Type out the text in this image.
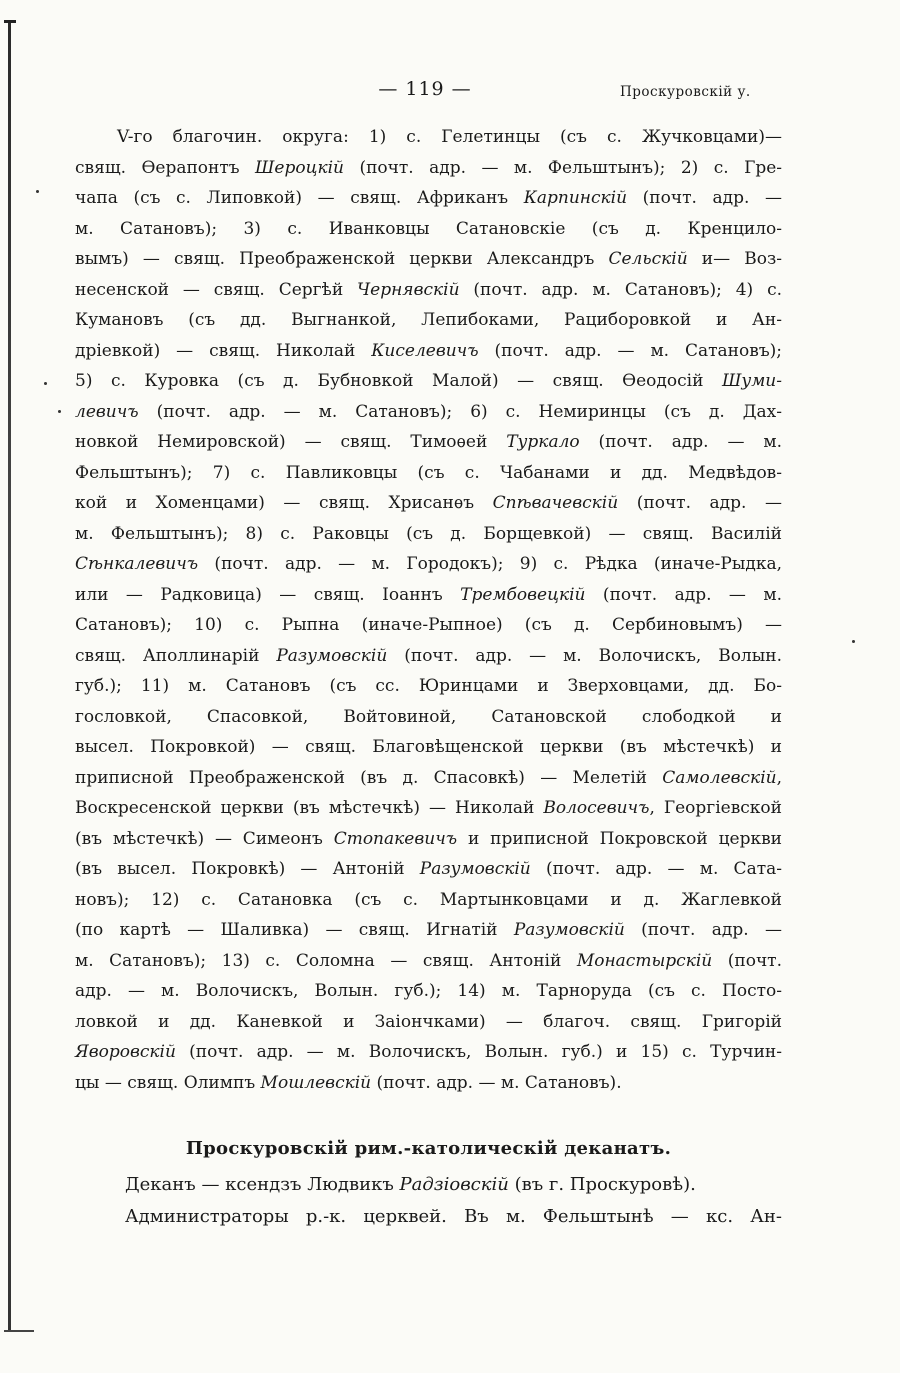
— 119 —	Проскуровскій у.
V-го благочин. округа: 1) с. Гелетинцы (съ с. Жучковцами)—
свящ. Ѳерапонтъ Шероцкій (почт. адр. — м. Фельштынъ); 2) с. Гре-
чапа (съ с. Липовкой) — свящ. Африканъ Карпинскій (почт. адр. —
м. Сатановъ); 3) с. Иванковцы Сатановскіе (съ д. Кренцило-
вымъ) — свящ. Преображенской церкви Александръ Сельскій и— Воз-
несенской — свящ. Сергѣй Чернявскій (почт. адр. м. Сатановъ); 4) с.
Кумановъ (съ дд. Выгнанкой, Лепибоками, Рациборовкой и Ан-
дріевкой) — свящ. Николай Киселевичъ (почт. адр. — м. Сатановъ);
5) с. Куровка (съ д. Бубновкой Малой) — свящ. Ѳеодосій Шуми-
левичъ (почт. адр. — м. Сатановъ); 6) с. Немиринцы (съ д. Дах-
новкой Немировской) — свящ. Тимоѳей Туркало (почт. адр. — м.
Фельштынъ); 7) с. Павликовцы (съ с. Чабанами и дд. Медвѣдов-
кой и Хоменцами) — свящ. Хрисанѳъ Спѣвачевскій (почт. адр. —
м. Фельштынъ); 8) с. Раковцы (съ д. Борщевкой) — свящ. Василій
Сѣнкалевичъ (почт. адр. — м. Городокъ); 9) с. Рѣдка (иначе-Рыдка,
или — Радковица) — свящ. Іоаннъ Трембовецкій (почт. адр. — м.
Сатановъ); 10) с. Рыпна (иначе-Рыпное) (съ д. Сербиновымъ) —
свящ. Аполлинарій Разумовскій (почт. адр. — м. Волочискъ, Волын.
губ.); 11) м. Сатановъ (съ сс. Юринцами и Зверховцами, дд. Бо-
гословкой, Спасовкой, Войтовиной, Сатановской слободкой и
высел. Покровкой) — свящ. Благовѣщенской церкви (въ мѣстечкѣ) и
приписной Преображенской (въ д. Спасовкѣ) — Мелетій Самолевскій,
Воскресенской церкви (въ мѣстечкѣ) — Николай Волосевичъ, Георгіевской
(въ мѣстечкѣ) — Симеонъ Стопакевичъ и приписной Покровской церкви
(въ высел. Покровкѣ) — Антоній Разумовскій (почт. адр. — м. Сата-
новъ); 12) с. Сатановка (съ с. Мартынковцами и д. Жаглевкой
(по картѣ — Шаливка) — свящ. Игнатій Разумовскій (почт. адр. —
м. Сатановъ); 13) с. Соломна — свящ. Антоній Монастырскій (почт.
адр. — м. Волочискъ, Волын. губ.); 14) м. Тарноруда (съ с. Посто-
ловкой и дд. Каневкой и Заіончками) — благоч. свящ. Григорій
Яворовскій (почт. адр. — м. Волочискъ, Волын. губ.) и 15) с. Турчин-
цы — свящ. Олимпъ Мошлевскій (почт. адр. — м. Сатановъ).
Проскуровскій рим.-католическій деканатъ.
Деканъ — ксендзъ Людвикъ Радзіовскій (въ г. Проскуровѣ).
Администраторы р.-к. церквей. Въ м. Фельштынѣ — кс. Ан-
